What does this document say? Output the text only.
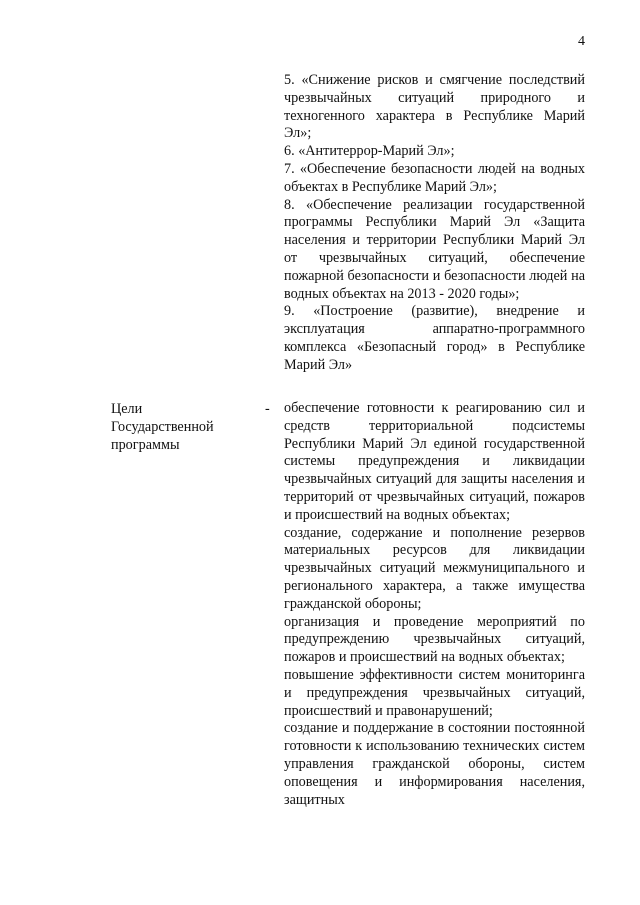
4

5. «Снижение рисков и смягчение последствий чрезвычайных ситуаций природного и техногенного характера в Республике Марий Эл»;

6. «Антитеррор-Марий Эл»;

7. «Обеспечение безопасности людей на водных объектах в Республике Марий Эл»;

8. «Обеспечение реализации государственной программы Республики Марий Эл «Защита населения и территории Республики Марий Эл от чрезвычайных ситуаций, обеспечение пожарной безопасности и безопасности людей на водных объектах на 2013 - 2020 годы»;

9. «Построение (развитие), внедрение и эксплуатация аппаратно-программного комплекса «Безопасный город» в Республике Марий Эл»

Цели
Государственной
программы
- обеспечение готовности к реагированию сил и средств территориальной подсистемы Республики Марий Эл единой государственной системы предупреждения и ликвидации чрезвычайных ситуаций для защиты населения и территорий от чрезвычайных ситуаций, пожаров и происшествий на водных объектах;

создание, содержание и пополнение резервов материальных ресурсов для ликвидации чрезвычайных ситуаций межмуниципального и регионального характера, а также имущества гражданской обороны;

организация и проведение мероприятий по предупреждению чрезвычайных ситуаций, пожаров и происшествий на водных объектах;

повышение эффективности систем мониторинга и предупреждения чрезвычайных ситуаций, происшествий и правонарушений;

создание и поддержание в состоянии постоянной готовности к использованию технических систем управления гражданской обороны, систем оповещения и информирования населения, защитных
